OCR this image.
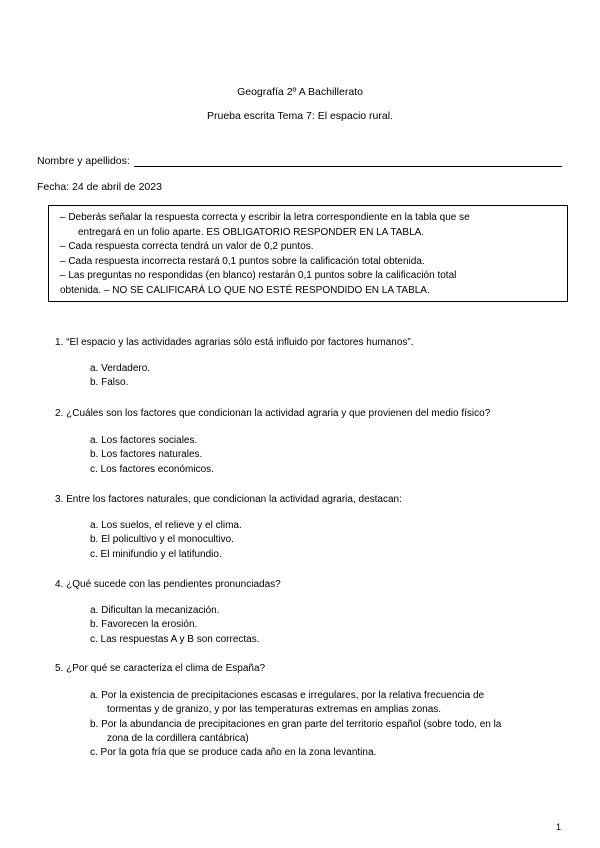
Geografía 2º A Bachillerato
Prueba escrita Tema 7: El espacio rural.
Nombre y apellidos:
Fecha: 24 de abril de 2023
– Deberás señalar la respuesta correcta y escribir la letra correspondiente en la tabla que se
entregará en un folio aparte. ES OBLIGATORIO RESPONDER EN LA TABLA.
– Cada respuesta correcta tendrá un valor de 0,2 puntos.
– Cada respuesta incorrecta restará 0,1 puntos sobre la calificación total obtenida.
– Las preguntas no respondidas (en blanco) restarán 0,1 puntos sobre la calificación total
obtenida. – NO SE CALIFICARÁ LO QUE NO ESTÉ RESPONDIDO EN LA TABLA.
1. “El espacio y las actividades agrarias sólo está influido por factores humanos”.
a. Verdadero.
b. Falso.
2. ¿Cuáles son los factores que condicionan la actividad agraria y que provienen del medio físico?
a. Los factores sociales.
b. Los factores naturales.
c. Los factores económicos.
3. Entre los factores naturales, que condicionan la actividad agraria, destacan:
a. Los suelos, el relieve y el clima.
b. El policultivo y el monocultivo.
c. El minifundio y el latifundio.
4. ¿Qué sucede con las pendientes pronunciadas?
a. Dificultan la mecanización.
b. Favorecen la erosión.
c. Las respuestas A y B son correctas.
5. ¿Por qué se caracteriza el clima de España?
a. Por la existencia de precipitaciones escasas e irregulares, por la relativa frecuencia de
tormentas y de granizo, y por las temperaturas extremas en amplias zonas.
b. Por la abundancia de precipitaciones en gran parte del territorio español (sobre todo, en la
zona de la cordillera cantábrica)
c. Por la gota fría que se produce cada año en la zona levantina.
1
